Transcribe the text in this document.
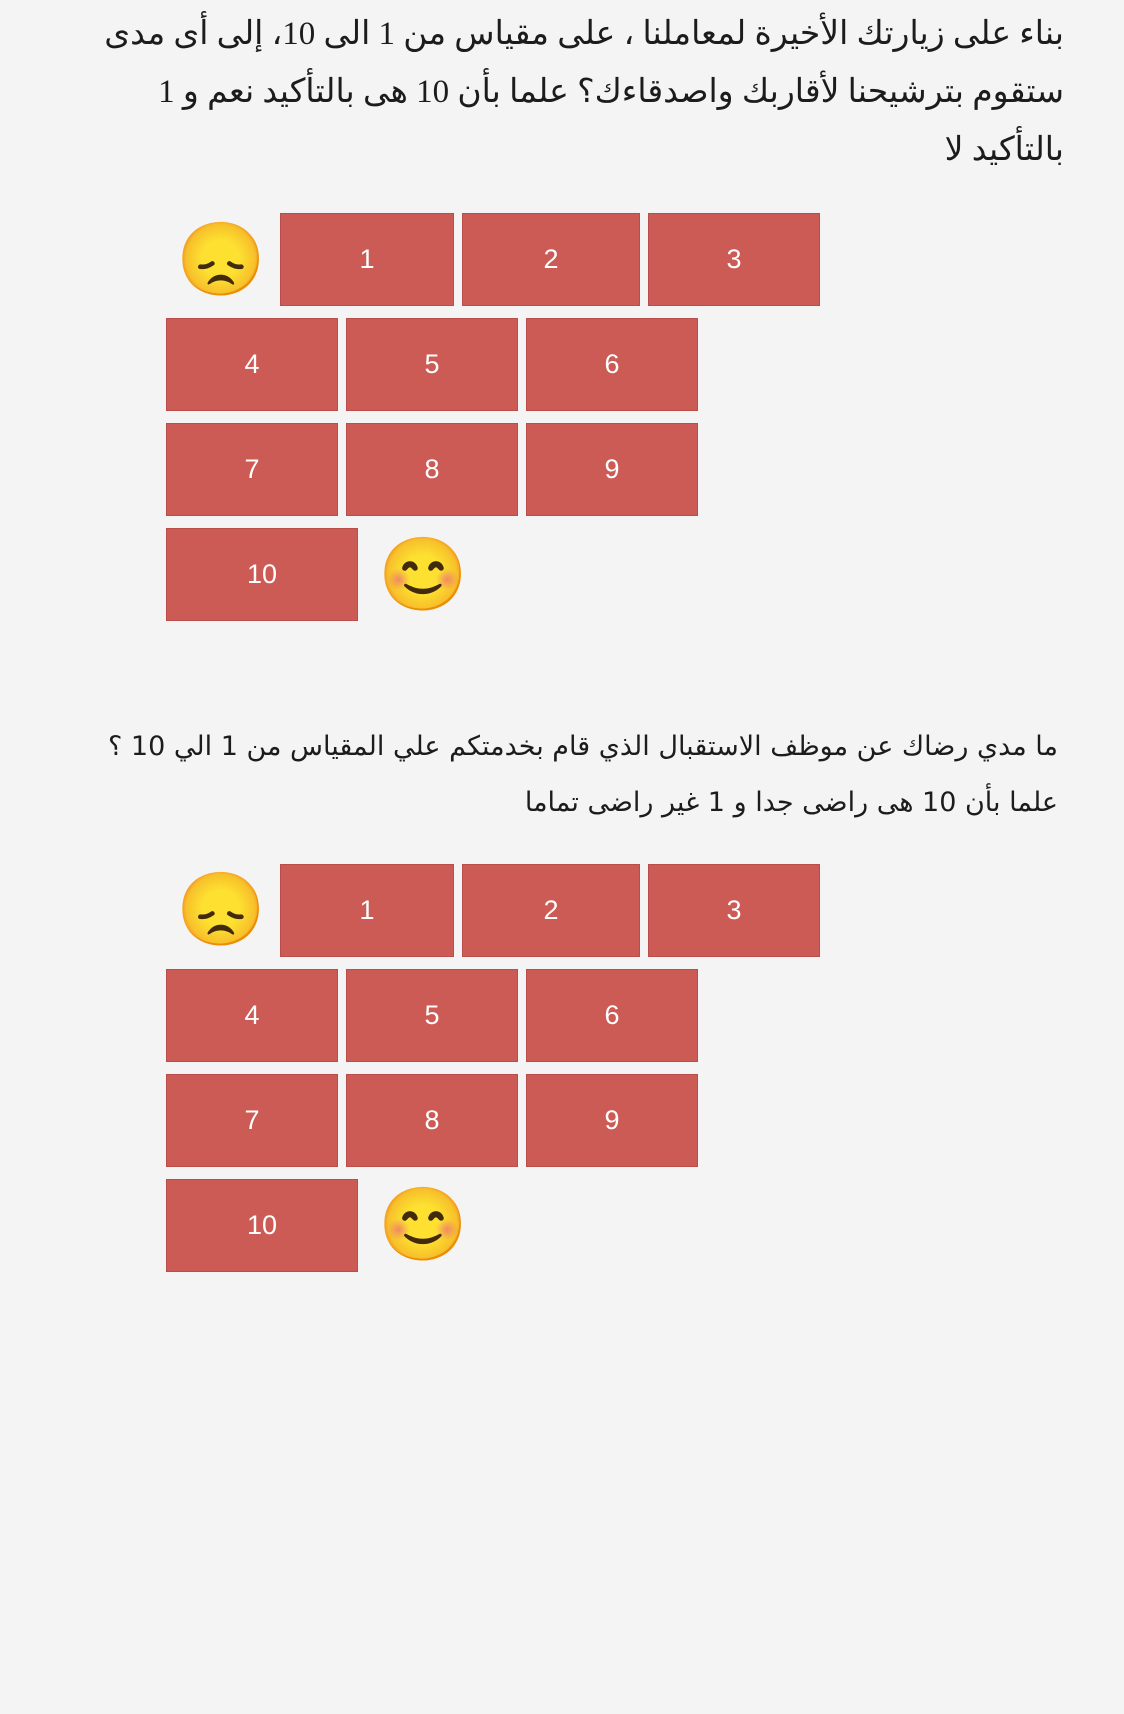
بناء على زيارتك الأخيرة لمعاملنا ، على مقياس من 1 الى 10، إلى أى مدى ستقوم بترشيحنا لأقاربك واصدقاءك؟ علما بأن 10 هى بالتأكيد نعم و 1 بالتأكيد لا
😞	1	2	3
4	5	6
7	8	9
10	😊
ما مدي رضاك عن موظف الاستقبال الذي قام بخدمتكم علي المقياس من 1 الي 10 ؟ علما بأن 10 هى راضى جدا و 1 غير راضى تماما
😞	1	2	3
4	5	6
7	8	9
10	😊
